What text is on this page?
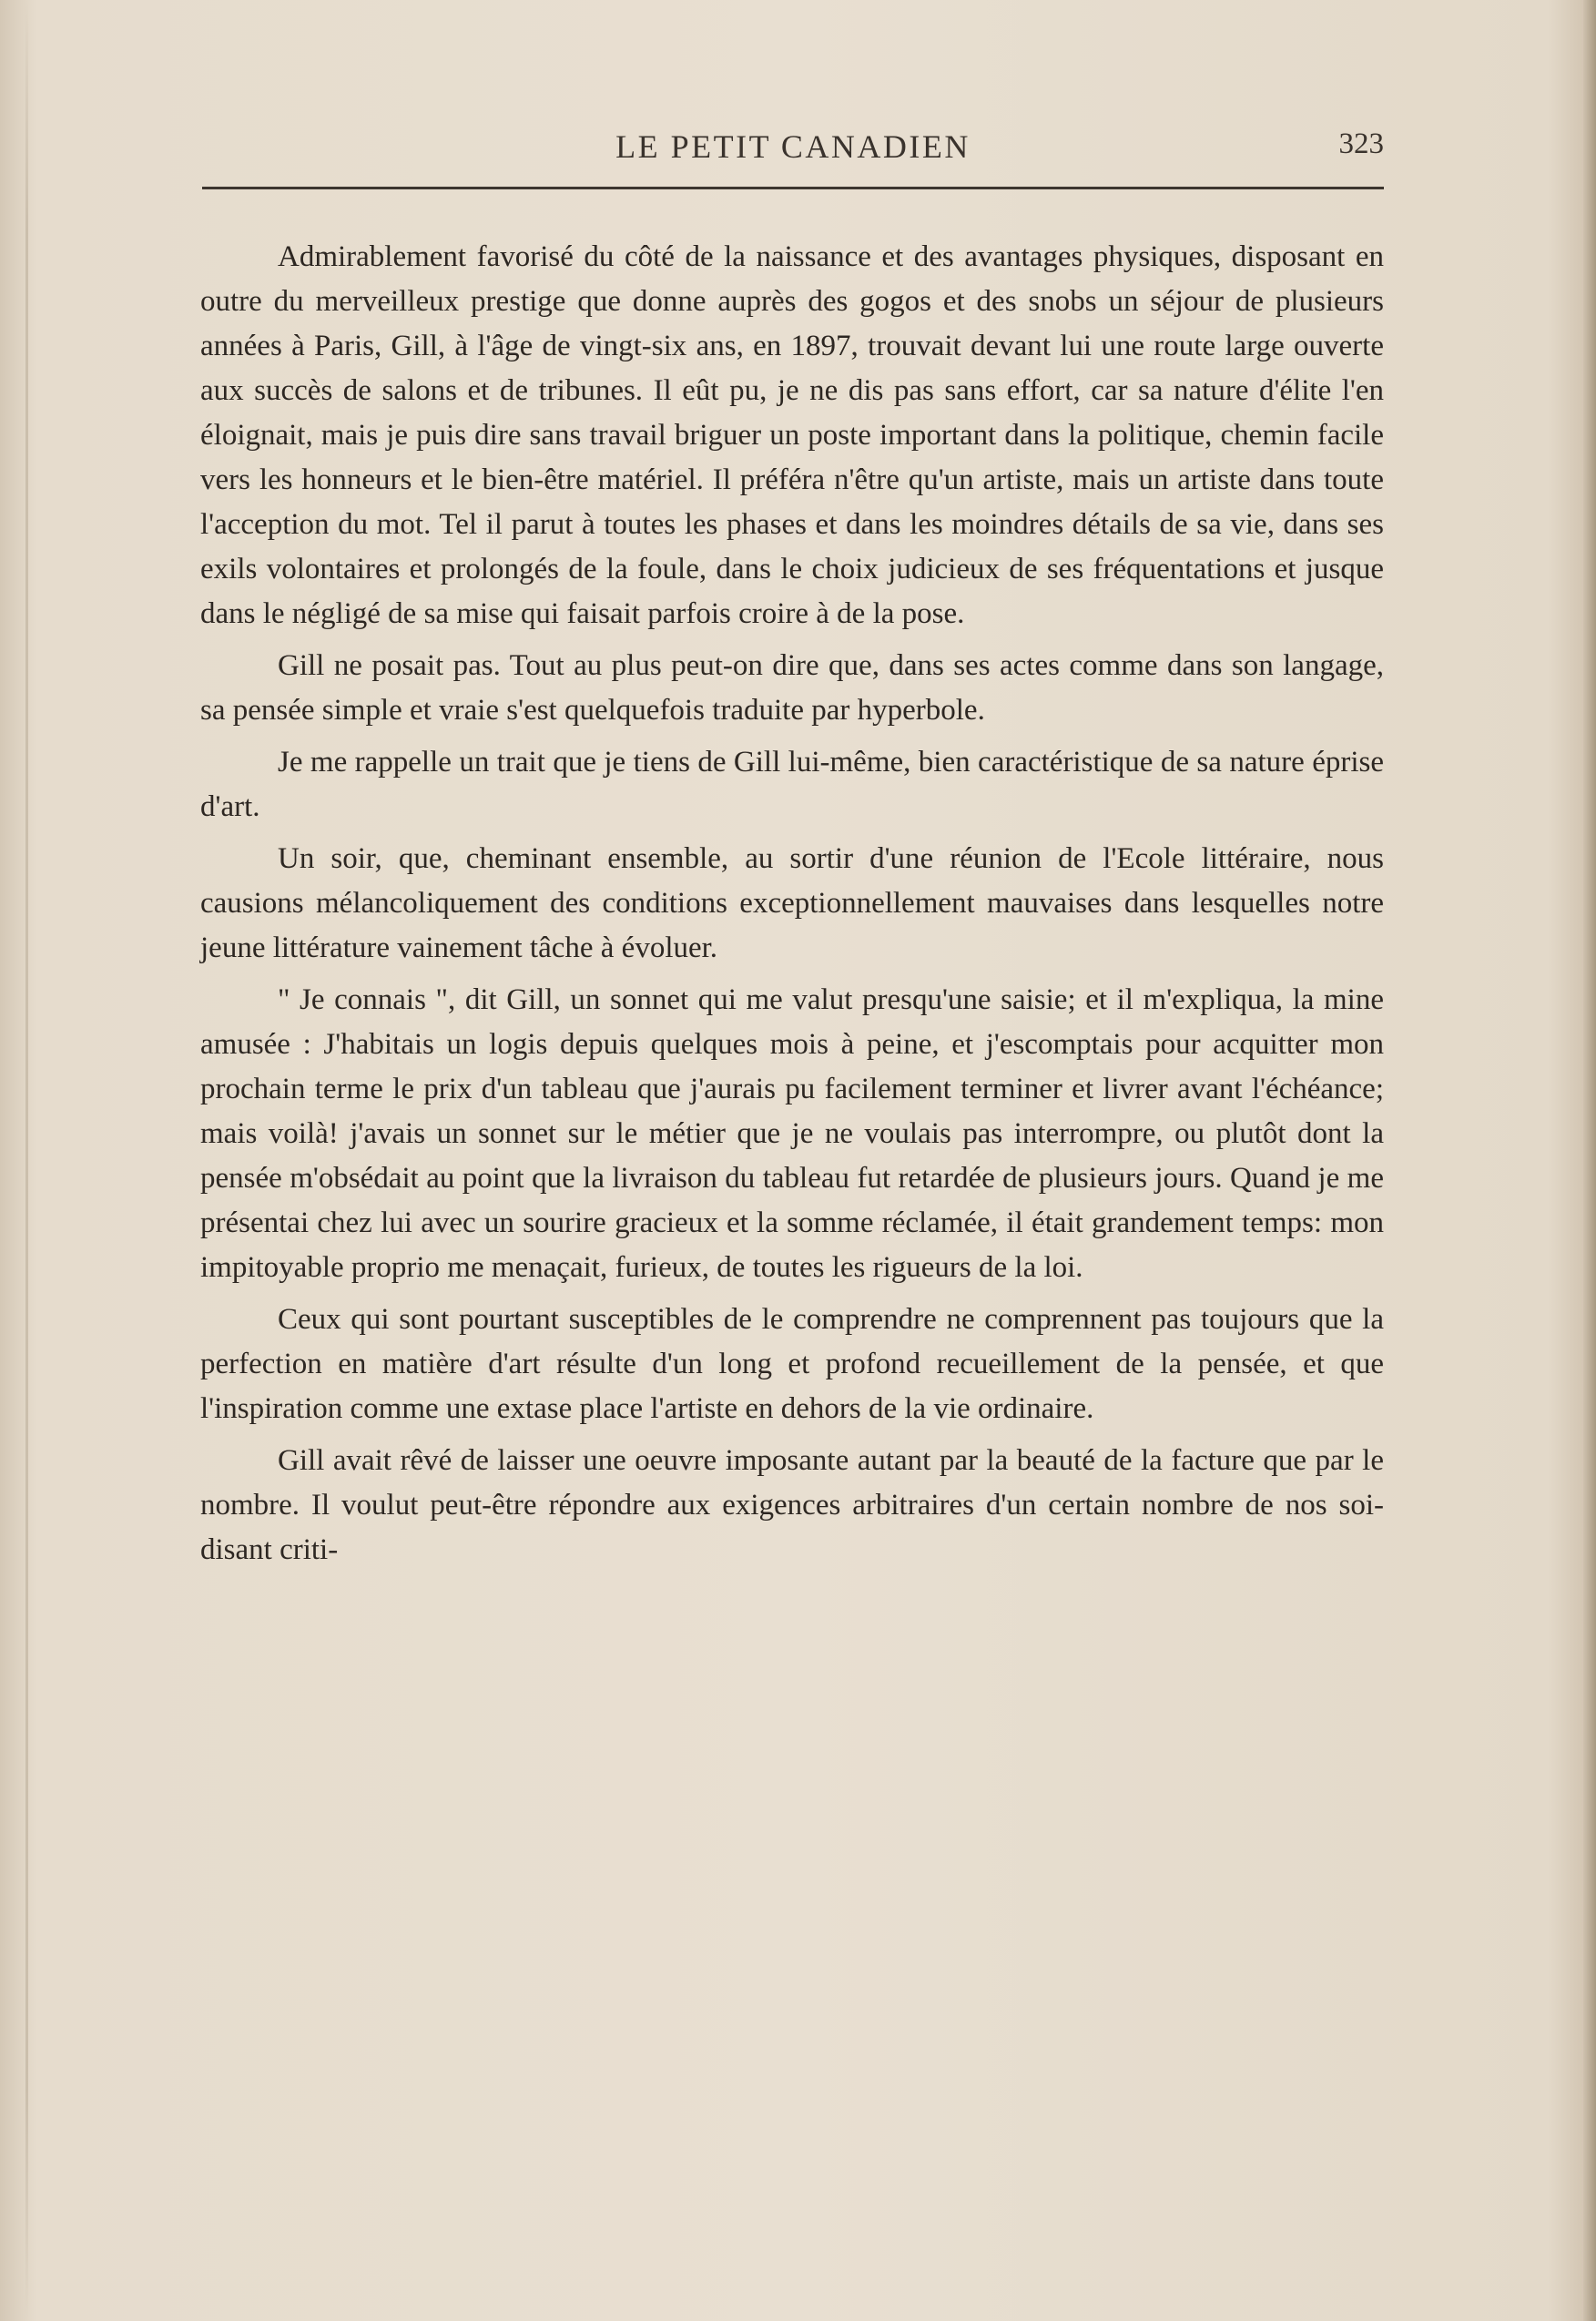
LE PETIT CANADIEN	323

Admirablement favorisé du côté de la naissance et des avantages physiques, disposant en outre du merveilleux prestige que donne auprès des gogos et des snobs un séjour de plusieurs années à Paris, Gill, à l'âge de vingt-six ans, en 1897, trouvait devant lui une route large ouverte aux succès de salons et de tribunes. Il eût pu, je ne dis pas sans effort, car sa nature d'élite l'en éloignait, mais je puis dire sans travail briguer un poste important dans la politique, chemin facile vers les honneurs et le bien-être matériel. Il préféra n'être qu'un artiste, mais un artiste dans toute l'acception du mot. Tel il parut à toutes les phases et dans les moindres détails de sa vie, dans ses exils volontaires et prolongés de la foule, dans le choix judicieux de ses fréquentations et jusque dans le négligé de sa mise qui faisait parfois croire à de la pose.

Gill ne posait pas. Tout au plus peut-on dire que, dans ses actes comme dans son langage, sa pensée simple et vraie s'est quelquefois traduite par hyperbole.

Je me rappelle un trait que je tiens de Gill lui-même, bien caractéristique de sa nature éprise d'art.

Un soir, que, cheminant ensemble, au sortir d'une réunion de l'Ecole littéraire, nous causions mélancoliquement des conditions exceptionnellement mauvaises dans lesquelles notre jeune littérature vainement tâche à évoluer.

" Je connais ", dit Gill, un sonnet qui me valut presqu'une saisie; et il m'expliqua, la mine amusée : J'habitais un logis depuis quelques mois à peine, et j'escomptais pour acquitter mon prochain terme le prix d'un tableau que j'aurais pu facilement terminer et livrer avant l'échéance; mais voilà! j'avais un sonnet sur le métier que je ne voulais pas interrompre, ou plutôt dont la pensée m'obsédait au point que la livraison du tableau fut retardée de plusieurs jours. Quand je me présentai chez lui avec un sourire gracieux et la somme réclamée, il était grandement temps: mon impitoyable proprio me menaçait, furieux, de toutes les rigueurs de la loi.

Ceux qui sont pourtant susceptibles de le comprendre ne comprennent pas toujours que la perfection en matière d'art résulte d'un long et profond recueillement de la pensée, et que l'inspiration comme une extase place l'artiste en dehors de la vie ordinaire.

Gill avait rêvé de laisser une oeuvre imposante autant par la beauté de la facture que par le nombre. Il voulut peut-être répondre aux exigences arbitraires d'un certain nombre de nos soi-disant criti-
